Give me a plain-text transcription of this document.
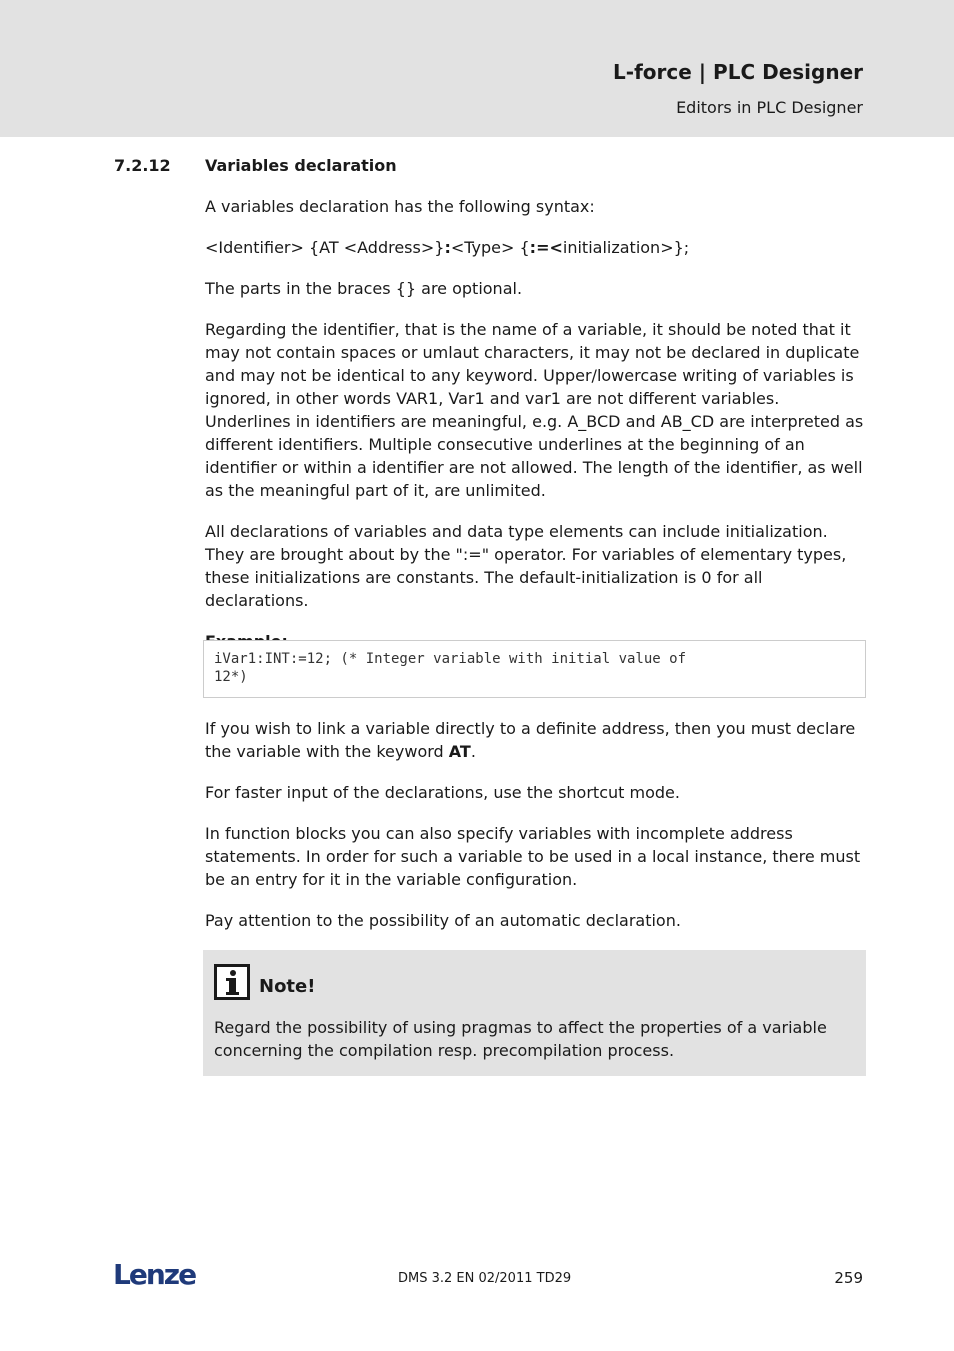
L-force | PLC Designer
Editors in PLC Designer
7.2.12 Variables declaration

A variables declaration has the following syntax:

<Identifier> {AT <Address>}:<Type> {:=<initialization>};

The parts in the braces {} are optional.

Regarding the identifier, that is the name of a variable, it should be noted that it may not contain spaces or umlaut characters, it may not be declared in duplicate and may not be identical to any keyword. Upper/lowercase writing of variables is ignored, in other words VAR1, Var1 and var1 are not different variables. Underlines in identifiers are meaningful, e.g. A_BCD and AB_CD are interpreted as different identifiers. Multiple consecutive underlines at the beginning of an identifier or within a identifier are not allowed. The length of the identifier, as well as the meaningful part of it, are unlimited.

All declarations of variables and data type elements can include initialization. They are brought about by the ":=" operator. For variables of elementary types, these initializations are constants. The default-initialization is 0 for all declarations.

iVar1:INT:=12; (* Integer variable with initial value of
12*)

If you wish to link a variable directly to a definite address, then you must declare the variable with the keyword AT.

For faster input of the declarations, use the shortcut mode.

In function blocks you can also specify variables with incomplete address statements. In order for such a variable to be used in a local instance, there must be an entry for it in the variable configuration.

Pay attention to the possibility of an automatic declaration.

Note!
Regard the possibility of using pragmas to affect the properties of a variable concerning the compilation resp. precompilation process.
Lenze	DMS 3.2 EN 02/2011 TD29	259
